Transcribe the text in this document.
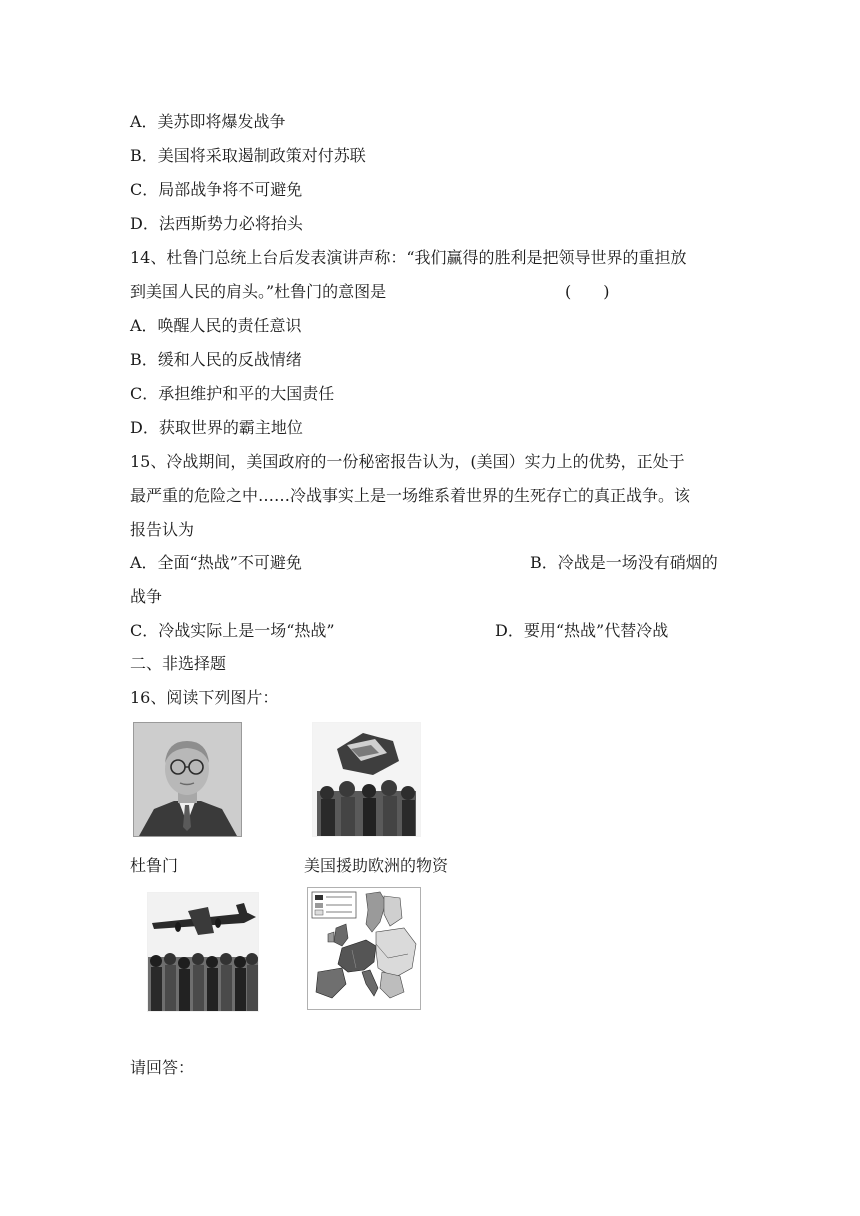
A．美苏即将爆发战争
B．美国将采取遏制政策对付苏联
C．局部战争将不可避免
D．法西斯势力必将抬头
14、杜鲁门总统上台后发表演讲声称：“我们赢得的胜利是把领导世界的重担放
到美国人民的肩头。”杜鲁门的意图是	(　　)
A．唤醒人民的责任意识
B．缓和人民的反战情绪
C．承担维护和平的大国责任
D．获取世界的霸主地位
15、冷战期间，美国政府的一份秘密报告认为，(美国）实力上的优势，正处于
最严重的危险之中……冷战事实上是一场维系着世界的生死存亡的真正战争。该
报告认为
A．全面“热战”不可避免	B．冷战是一场没有硝烟的
战争
C．冷战实际上是一场“热战”	D．要用“热战”代替冷战
二、非选择题
16、阅读下列图片：
杜鲁门	美国援助欧洲的物资
请回答：
